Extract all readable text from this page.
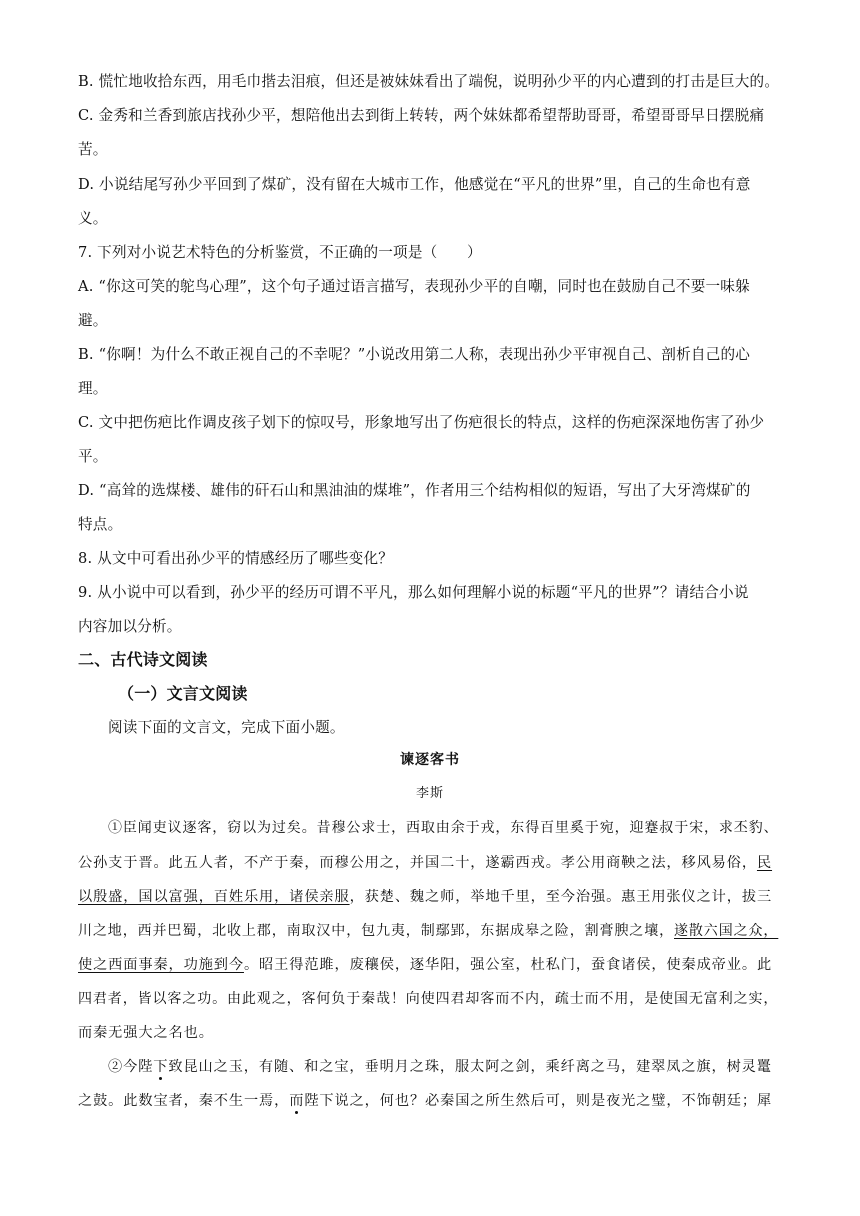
B. 慌忙地收拾东西，用毛巾揩去泪痕，但还是被妹妹看出了端倪，说明孙少平的内心遭到的打击是巨大的。
C. 金秀和兰香到旅店找孙少平，想陪他出去到街上转转，两个妹妹都希望帮助哥哥，希望哥哥早日摆脱痛
苦。
D. 小说结尾写孙少平回到了煤矿，没有留在大城市工作，他感觉在“平凡的世界”里，自己的生命也有意
义。
7. 下列对小说艺术特色的分析鉴赏，不正确的一项是（　　）
A. “你这可笑的鸵鸟心理”，这个句子通过语言描写，表现孙少平的自嘲，同时也在鼓励自己不要一味躲
避。
B. “你啊！为什么不敢正视自己的不幸呢？”小说改用第二人称，表现出孙少平审视自己、剖析自己的心
理。
C. 文中把伤疤比作调皮孩子划下的惊叹号，形象地写出了伤疤很长的特点，这样的伤疤深深地伤害了孙少
平。
D. “高耸的选煤楼、雄伟的矸石山和黑油油的煤堆”，作者用三个结构相似的短语，写出了大牙湾煤矿的
特点。
8. 从文中可看出孙少平的情感经历了哪些变化？
9. 从小说中可以看到，孙少平的经历可谓不平凡，那么如何理解小说的标题“平凡的世界”？请结合小说
内容加以分析。
二、古代诗文阅读
（一）文言文阅读
阅读下面的文言文，完成下面小题。
谏逐客书
李斯
①臣闻吏议逐客，窃以为过矣。昔穆公求士，西取由余于戎，东得百里奚于宛，迎蹇叔于宋，求丕豹、
公孙支于晋。此五人者，不产于秦，而穆公用之，并国二十，遂霸西戎。孝公用商鞅之法，移风易俗，民
以殷盛，国以富强，百姓乐用，诸侯亲服，获楚、魏之师，举地千里，至今治强。惠王用张仪之计，拔三
川之地，西并巴蜀，北收上郡，南取汉中，包九夷，制鄢郢，东据成皋之险，割膏腴之壤，遂散六国之众，
使之西面事秦，功施到今。昭王得范雎，废穰侯，逐华阳，强公室，杜私门，蚕食诸侯，使秦成帝业。此
四君者，皆以客之功。由此观之，客何负于秦哉！向使四君却客而不内，疏士而不用，是使国无富利之实，
而秦无强大之名也。
②今陛下致昆山之玉，有随、和之宝，垂明月之珠，服太阿之剑，乘纤离之马，建翠凤之旗，树灵鼍
之鼓。此数宝者，秦不生一焉，而陛下说之，何也？必秦国之所生然后可，则是夜光之璧，不饰朝廷；犀
